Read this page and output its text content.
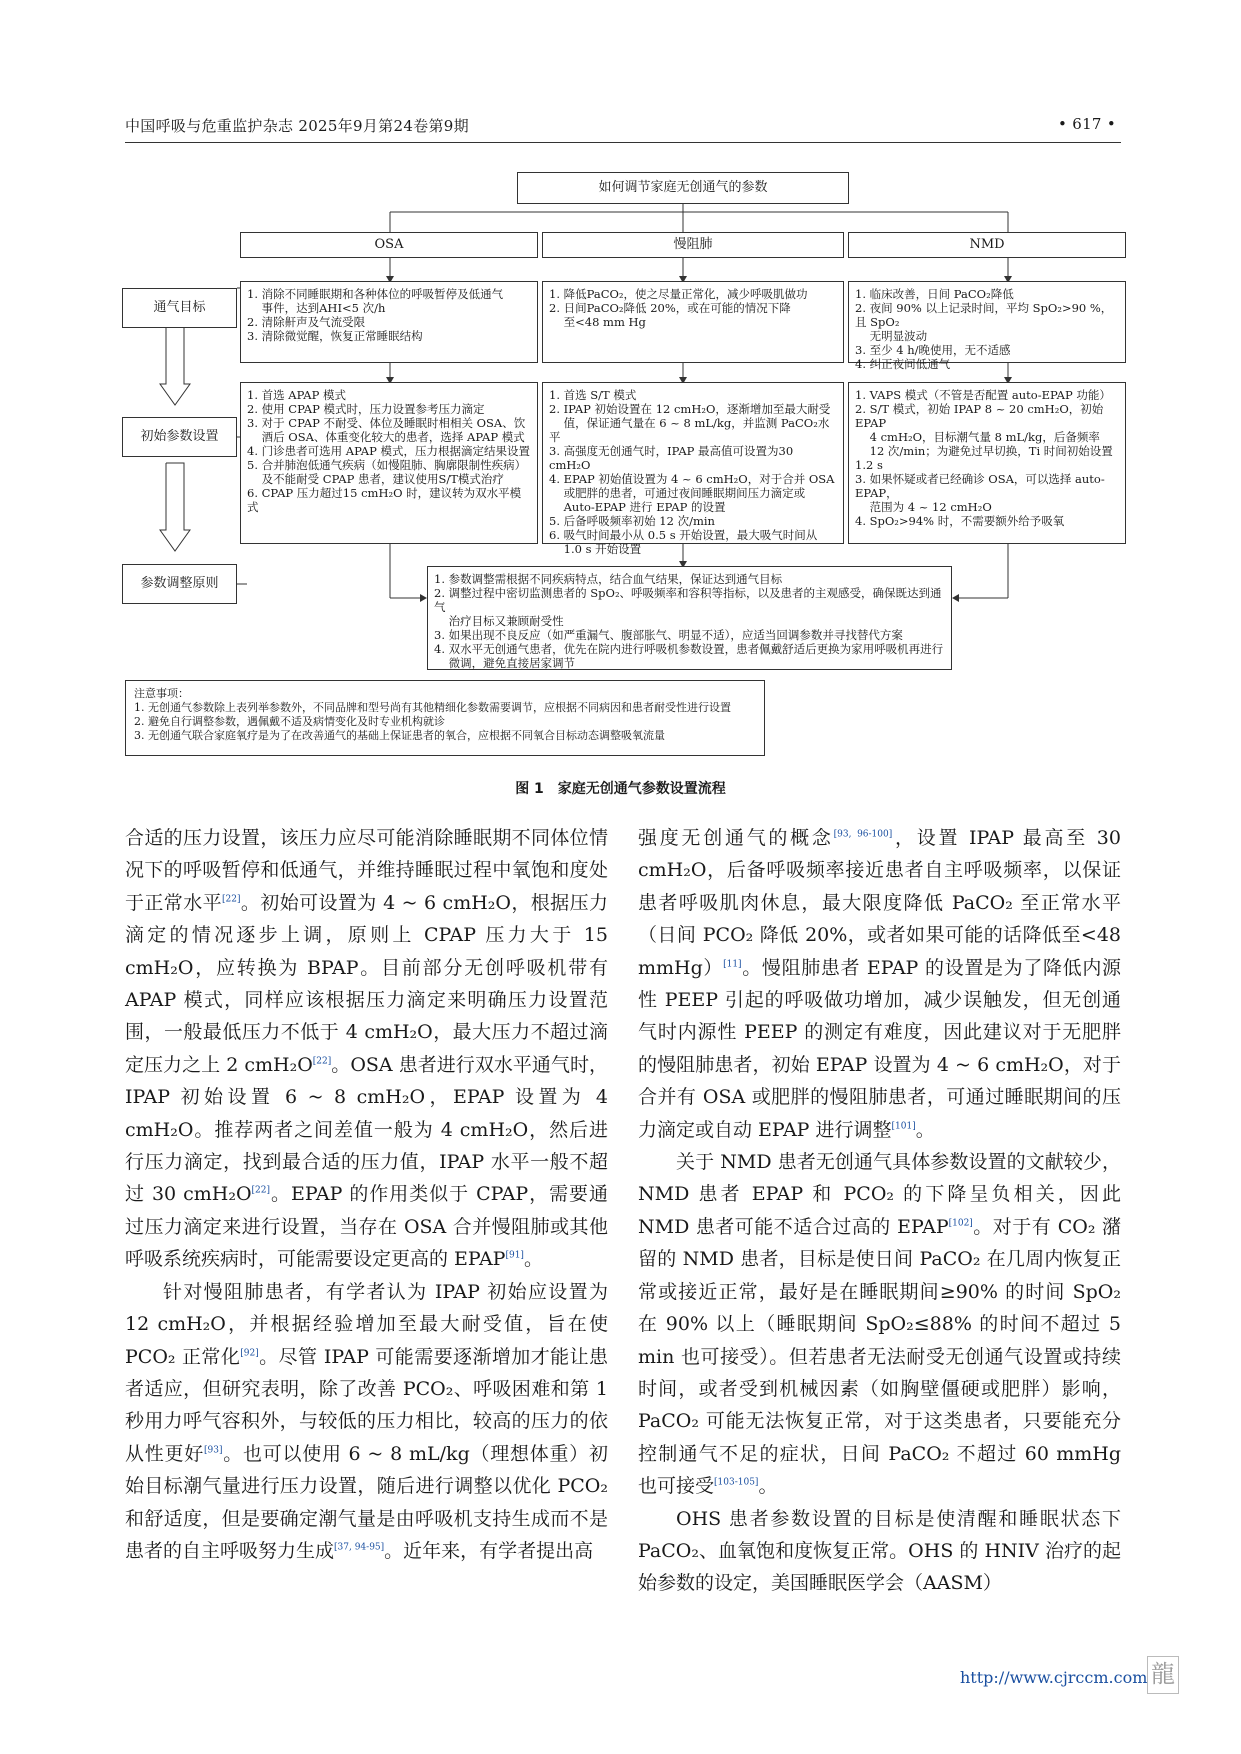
中国呼吸与危重监护杂志 2025年9月第24卷第9期	• 617 •
如何调节家庭无创通气的参数
OSA	慢阻肺	NMD
通气目标
初始参数设置
参数调整原则
1. 消除不同睡眠期和各种体位的呼吸暂停及低通气
事件，达到AHI<5 次/h
2. 清除鼾声及气流受限
3. 清除微觉醒，恢复正常睡眠结构
1. 降低PaCO₂，使之尽量正常化，减少呼吸肌做功
2. 日间PaCO₂降低 20%，或在可能的情况下降
至<48 mm Hg
1. 临床改善，日间 PaCO₂降低
2. 夜间 90% 以上记录时间，平均 SpO₂>90 %，且 SpO₂
无明显波动
3. 至少 4 h/晚使用，无不适感
4. 纠正夜间低通气
1. 首选 APAP 模式
2. 使用 CPAP 模式时，压力设置参考压力滴定
3. 对于 CPAP 不耐受、体位及睡眠时相相关 OSA、饮
酒后 OSA、体重变化较大的患者，选择 APAP 模式
4. 门诊患者可选用 APAP 模式，压力根据滴定结果设置
5. 合并肺泡低通气疾病（如慢阻肺、胸廓限制性疾病）
及不能耐受 CPAP 患者，建议使用S/T模式治疗
6. CPAP 压力超过15 cmH₂O 时，建议转为双水平模式
1. 首选 S/T 模式
2. IPAP 初始设置在 12 cmH₂O，逐渐增加至最大耐受
值，保证通气量在 6 ~ 8 mL/kg，并监测 PaCO₂水平
3. 高强度无创通气时，IPAP 最高值可设置为30 cmH₂O
4. EPAP 初始值设置为 4 ~ 6 cmH₂O，对于合并 OSA
或肥胖的患者，可通过夜间睡眠期间压力滴定或
Auto-EPAP 进行 EPAP 的设置
5. 后备呼吸频率初始 12 次/min
6. 吸气时间最小从 0.5 s 开始设置，最大吸气时间从
1.0 s 开始设置
1. VAPS 模式（不管是否配置 auto-EPAP 功能）
2. S/T 模式，初始 IPAP 8 ~ 20 cmH₂O，初始 EPAP
4 cmH₂O，目标潮气量 8 mL/kg，后备频率
12 次/min；为避免过早切换，Ti 时间初始设置 1.2 s
3. 如果怀疑或者已经确诊 OSA，可以选择 auto-EPAP，
范围为 4 ~ 12 cmH₂O
4. SpO₂>94% 时，不需要额外给予吸氧
1. 参数调整需根据不同疾病特点，结合血气结果，保证达到通气目标
2. 调整过程中密切监测患者的 SpO₂、呼吸频率和容积等指标，以及患者的主观感受，确保既达到通气
治疗目标又兼顾耐受性
3. 如果出现不良反应（如严重漏气、腹部胀气、明显不适），应适当回调参数并寻找替代方案
4. 双水平无创通气患者，优先在院内进行呼吸机参数设置，患者佩戴舒适后更换为家用呼吸机再进行
微调，避免直接居家调节
注意事项：
1. 无创通气参数除上表列举参数外，不同品牌和型号尚有其他精细化参数需要调节，应根据不同病因和患者耐受性进行设置
2. 避免自行调整参数，遇佩戴不适及病情变化及时专业机构就诊
3. 无创通气联合家庭氧疗是为了在改善通气的基础上保证患者的氧合，应根据不同氧合目标动态调整吸氧流量
图 1　家庭无创通气参数设置流程

合适的压力设置，该压力应尽可能消除睡眠期不同体位情况下的呼吸暂停和低通气，并维持睡眠过程中氧饱和度处于正常水平[22]。初始可设置为 4 ~ 6 cmH₂O，根据压力滴定的情况逐步上调，原则上 CPAP 压力大于 15 cmH₂O，应转换为 BPAP。目前部分无创呼吸机带有 APAP 模式，同样应该根据压力滴定来明确压力设置范围，一般最低压力不低于 4 cmH₂O，最大压力不超过滴定压力之上 2 cmH₂O[22]。OSA 患者进行双水平通气时，IPAP 初始设置 6 ~ 8 cmH₂O，EPAP 设置为 4 cmH₂O。推荐两者之间差值一般为 4 cmH₂O，然后进行压力滴定，找到最合适的压力值，IPAP 水平一般不超过 30 cmH₂O[22]。EPAP 的作用类似于 CPAP，需要通过压力滴定来进行设置，当存在 OSA 合并慢阻肺或其他呼吸系统疾病时，可能需要设定更高的 EPAP[91]。

针对慢阻肺患者，有学者认为 IPAP 初始应设置为 12 cmH₂O，并根据经验增加至最大耐受值，旨在使 PCO₂ 正常化[92]。尽管 IPAP 可能需要逐渐增加才能让患者适应，但研究表明，除了改善 PCO₂、呼吸困难和第 1 秒用力呼气容积外，与较低的压力相比，较高的压力的依从性更好[93]。也可以使用 6 ~ 8 mL/kg（理想体重）初始目标潮气量进行压力设置，随后进行调整以优化 PCO₂ 和舒适度，但是要确定潮气量是由呼吸机支持生成而不是患者的自主呼吸努力生成[37, 94-95]。近年来，有学者提出高

强度无创通气的概念[93, 96-100]，设置 IPAP 最高至 30 cmH₂O，后备呼吸频率接近患者自主呼吸频率，以保证患者呼吸肌肉休息，最大限度降低 PaCO₂ 至正常水平（日间 PCO₂ 降低 20%，或者如果可能的话降低至<48 mmHg）[11]。慢阻肺患者 EPAP 的设置是为了降低内源性 PEEP 引起的呼吸做功增加，减少误触发，但无创通气时内源性 PEEP 的测定有难度，因此建议对于无肥胖的慢阻肺患者，初始 EPAP 设置为 4 ~ 6 cmH₂O，对于合并有 OSA 或肥胖的慢阻肺患者，可通过睡眠期间的压力滴定或自动 EPAP 进行调整[101]。

关于 NMD 患者无创通气具体参数设置的文献较少，NMD 患者 EPAP 和 PCO₂ 的下降呈负相关，因此 NMD 患者可能不适合过高的 EPAP[102]。对于有 CO₂ 潴留的 NMD 患者，目标是使日间 PaCO₂ 在几周内恢复正常或接近正常，最好是在睡眠期间≥90% 的时间 SpO₂ 在 90% 以上（睡眠期间 SpO₂≤88% 的时间不超过 5 min 也可接受）。但若患者无法耐受无创通气设置或持续时间，或者受到机械因素（如胸壁僵硬或肥胖）影响，PaCO₂ 可能无法恢复正常，对于这类患者，只要能充分控制通气不足的症状，日间 PaCO₂ 不超过 60 mmHg 也可接受[103-105]。

OHS 患者参数设置的目标是使清醒和睡眠状态下 PaCO₂、血氧饱和度恢复正常。OHS 的 HNIV 治疗的起始参数的设定，美国睡眠医学会（AASM）

http://www.cjrccm.com 龍
